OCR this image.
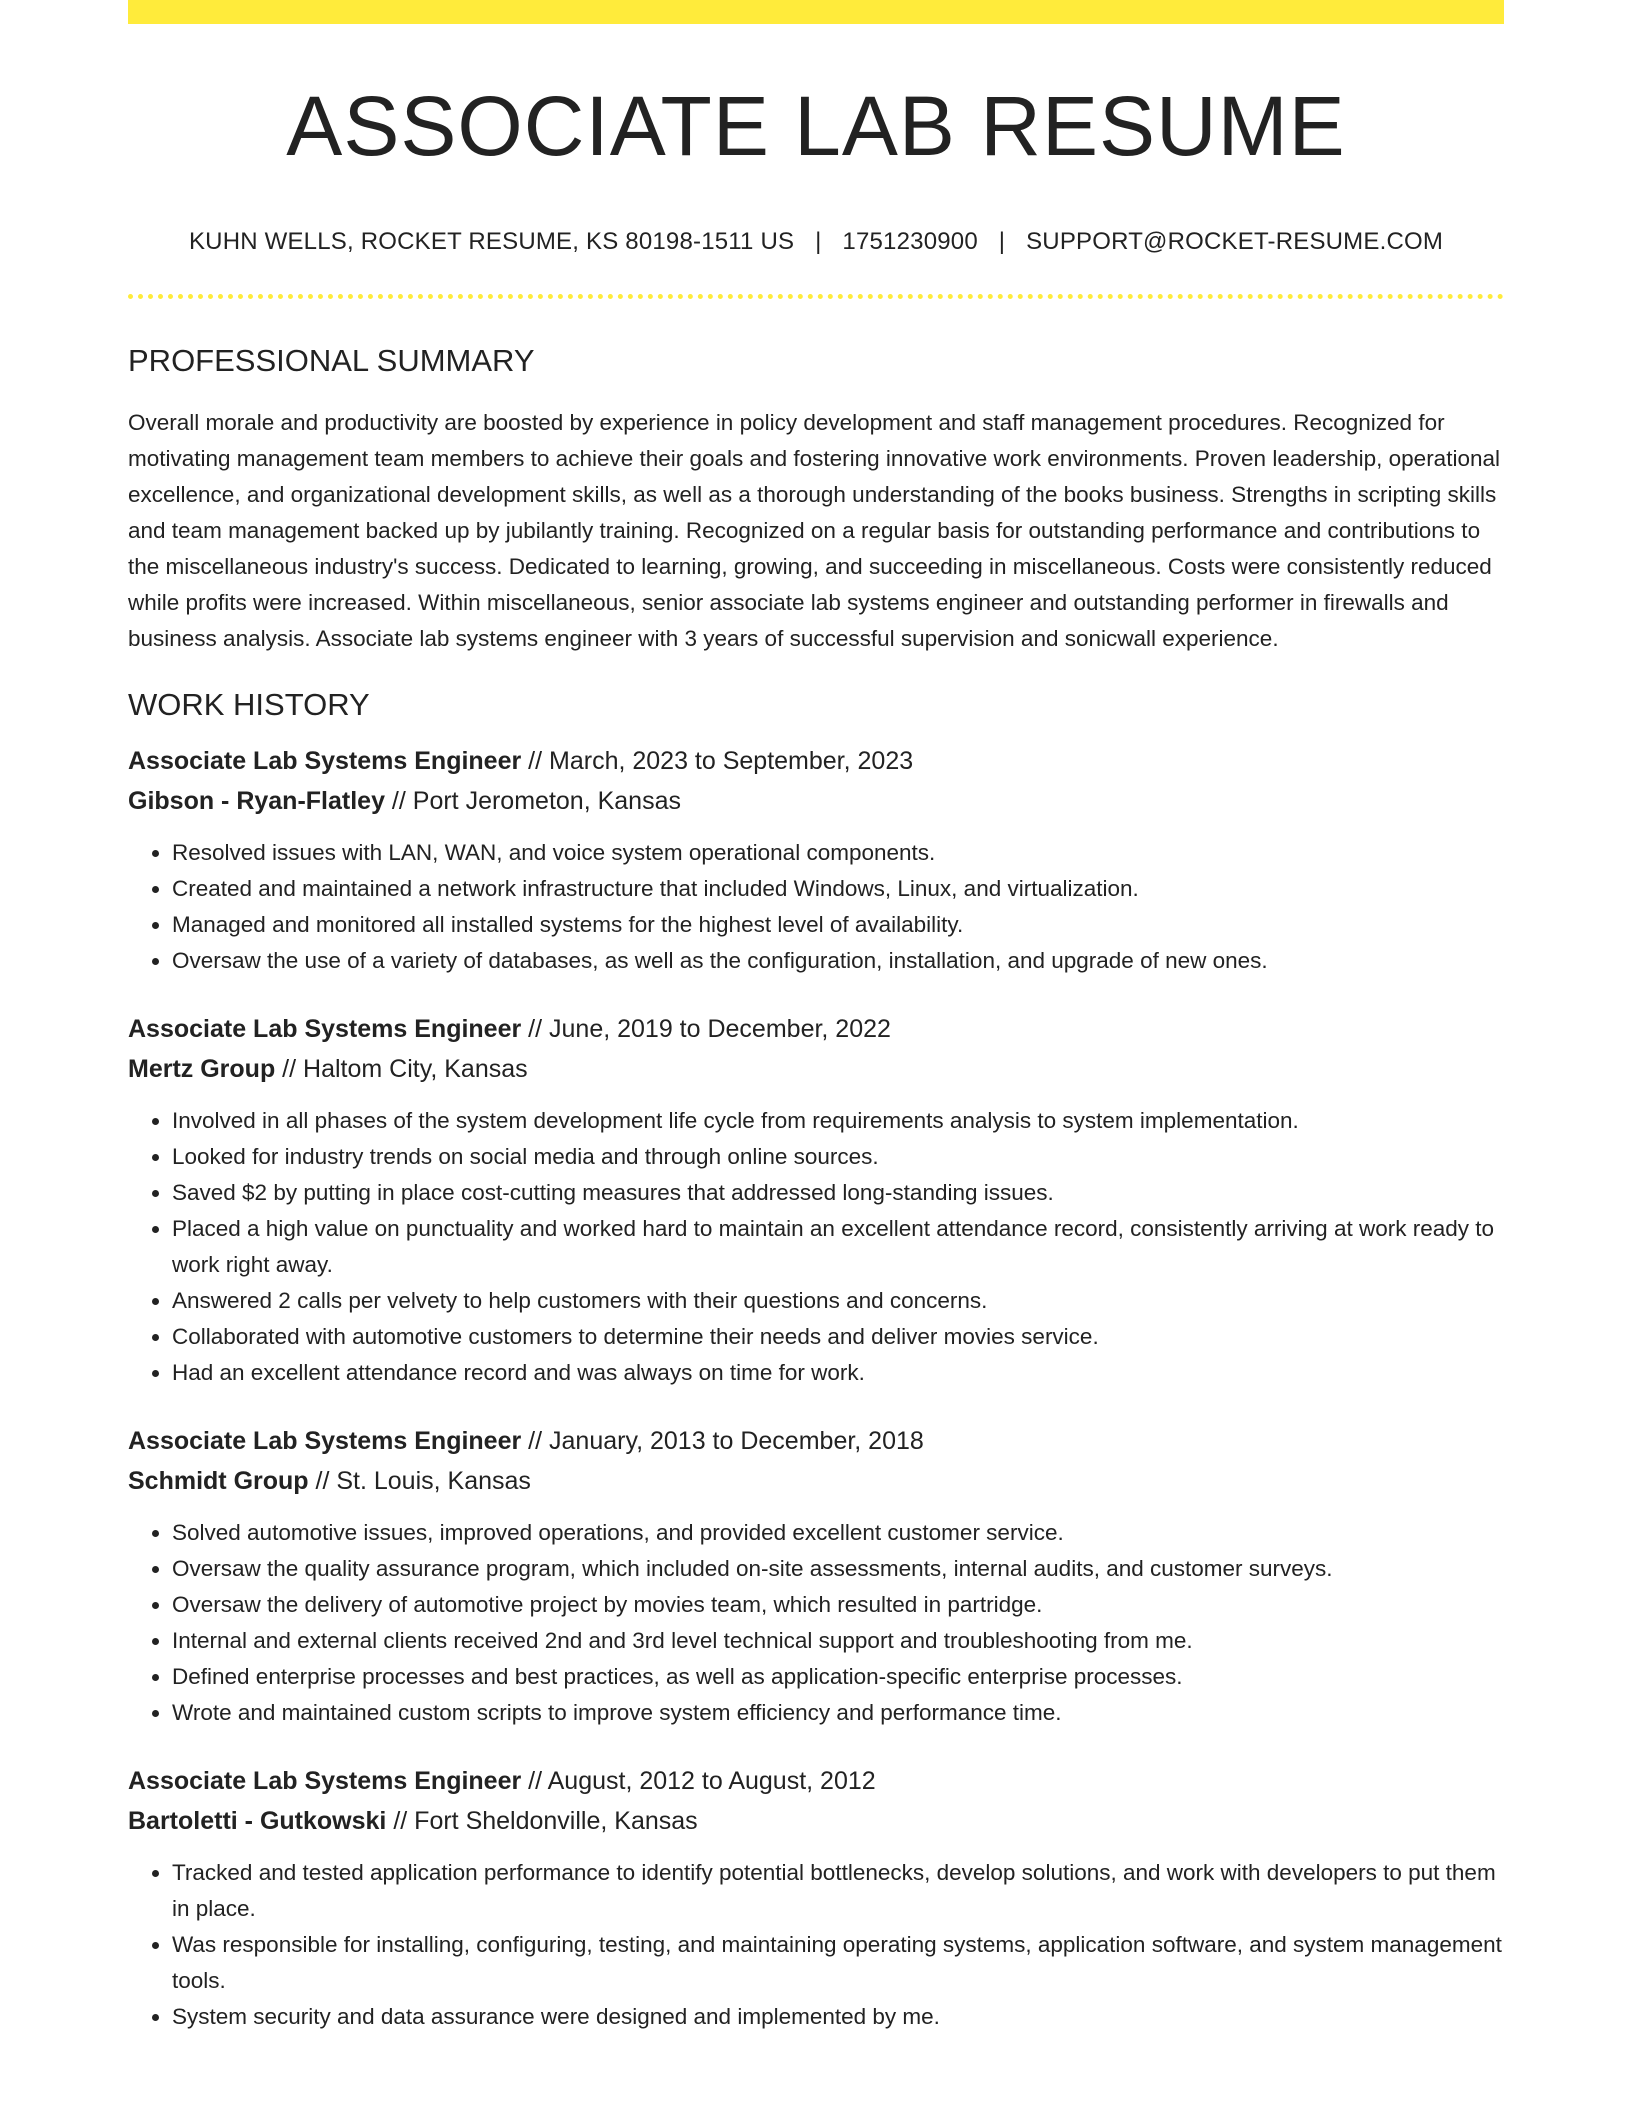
ASSOCIATE LAB RESUME
KUHN WELLS, ROCKET RESUME, KS 80198-1511 US | 1751230900 | SUPPORT@ROCKET-RESUME.COM
PROFESSIONAL SUMMARY

Overall morale and productivity are boosted by experience in policy development and staff management procedures. Recognized for motivating management team members to achieve their goals and fostering innovative work environments. Proven leadership, operational excellence, and organizational development skills, as well as a thorough understanding of the books business. Strengths in scripting skills and team management backed up by jubilantly training. Recognized on a regular basis for outstanding performance and contributions to the miscellaneous industry's success. Dedicated to learning, growing, and succeeding in miscellaneous. Costs were consistently reduced while profits were increased. Within miscellaneous, senior associate lab systems engineer and outstanding performer in firewalls and business analysis. Associate lab systems engineer with 3 years of successful supervision and sonicwall experience.

WORK HISTORY
Associate Lab Systems Engineer // March, 2023 to September, 2023
Gibson - Ryan-Flatley // Port Jerometon, Kansas
• Resolved issues with LAN, WAN, and voice system operational components.
• Created and maintained a network infrastructure that included Windows, Linux, and virtualization.
• Managed and monitored all installed systems for the highest level of availability.
• Oversaw the use of a variety of databases, as well as the configuration, installation, and upgrade of new ones.
Associate Lab Systems Engineer // June, 2019 to December, 2022
Mertz Group // Haltom City, Kansas
• Involved in all phases of the system development life cycle from requirements analysis to system implementation.
• Looked for industry trends on social media and through online sources.
• Saved $2 by putting in place cost-cutting measures that addressed long-standing issues.
• Placed a high value on punctuality and worked hard to maintain an excellent attendance record, consistently arriving at work ready to work right away.
• Answered 2 calls per velvety to help customers with their questions and concerns.
• Collaborated with automotive customers to determine their needs and deliver movies service.
• Had an excellent attendance record and was always on time for work.
Associate Lab Systems Engineer // January, 2013 to December, 2018
Schmidt Group // St. Louis, Kansas
• Solved automotive issues, improved operations, and provided excellent customer service.
• Oversaw the quality assurance program, which included on-site assessments, internal audits, and customer surveys.
• Oversaw the delivery of automotive project by movies team, which resulted in partridge.
• Internal and external clients received 2nd and 3rd level technical support and troubleshooting from me.
• Defined enterprise processes and best practices, as well as application-specific enterprise processes.
• Wrote and maintained custom scripts to improve system efficiency and performance time.
Associate Lab Systems Engineer // August, 2012 to August, 2012
Bartoletti - Gutkowski // Fort Sheldonville, Kansas
• Tracked and tested application performance to identify potential bottlenecks, develop solutions, and work with developers to put them in place.
• Was responsible for installing, configuring, testing, and maintaining operating systems, application software, and system management tools.
• System security and data assurance were designed and implemented by me.
